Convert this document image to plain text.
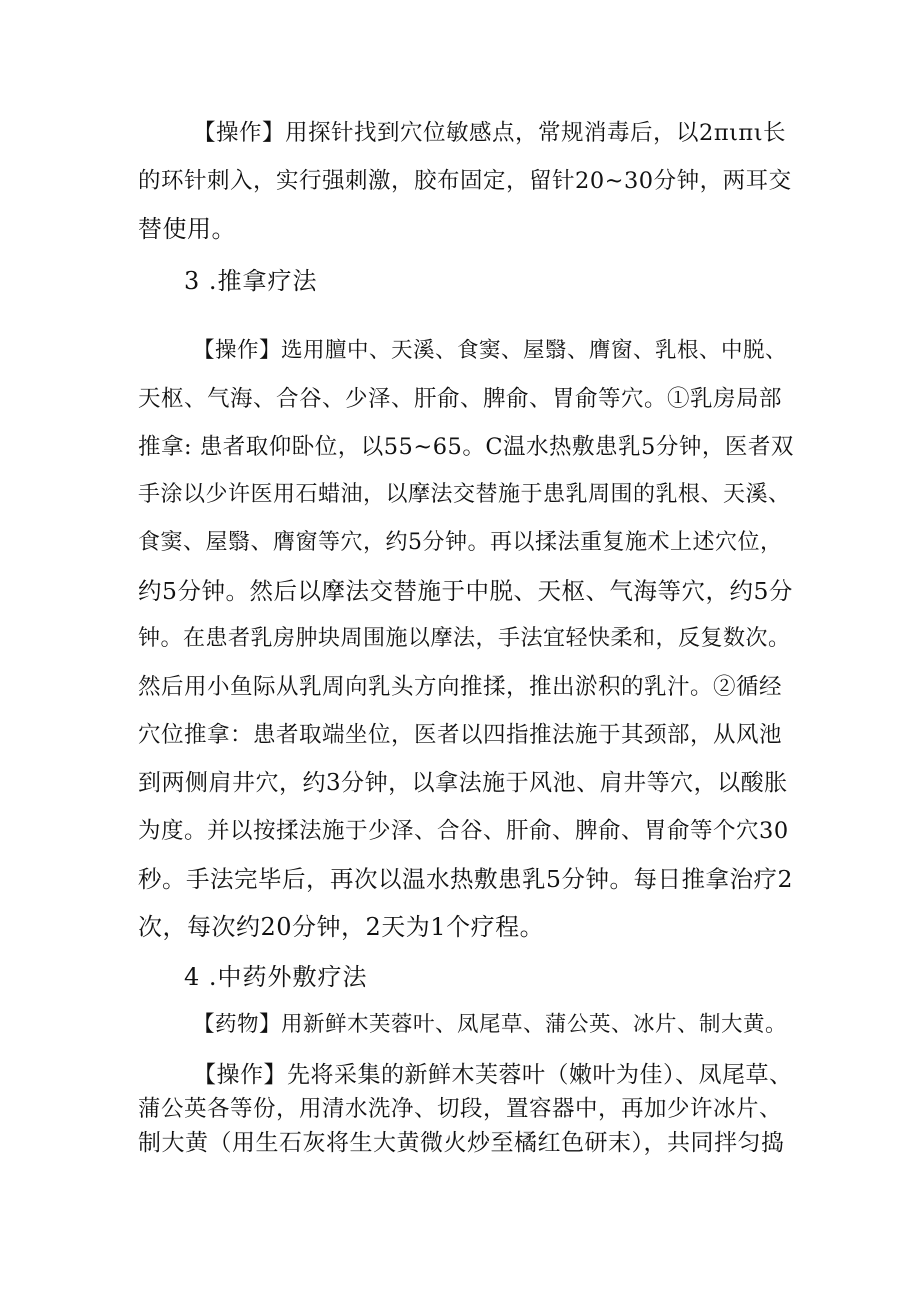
【操作】用探针找到穴位敏感点，常规消毒后，以2πιπι长
的环针刺入，实行强刺激，胶布固定，留针20~30分钟，两耳交
替使用。
3 .推拿疗法
【操作】选用膻中、天溪、食窦、屋翳、膺窗、乳根、中脱、
天枢、气海、合谷、少泽、肝俞、脾俞、胃俞等穴。①乳房局部
推拿: 患者取仰卧位，以55~65。C温水热敷患乳5分钟，医者双
手涂以少许医用石蜡油，以摩法交替施于患乳周围的乳根、天溪、
食窦、屋翳、膺窗等穴，约5分钟。再以揉法重复施术上述穴位，
约5分钟。然后以摩法交替施于中脱、天枢、气海等穴，约5分
钟。在患者乳房肿块周围施以摩法，手法宜轻快柔和，反复数次。
然后用小鱼际从乳周向乳头方向推揉，推出淤积的乳汁。②循经
穴位推拿：患者取端坐位，医者以四指推法施于其颈部，从风池
到两侧肩井穴，约3分钟，以拿法施于风池、肩井等穴，以酸胀
为度。并以按揉法施于少泽、合谷、肝俞、脾俞、胃俞等个穴30
秒。手法完毕后，再次以温水热敷患乳5分钟。每日推拿治疗2
次，每次约20分钟，2天为1个疗程。
4 .中药外敷疗法
【药物】用新鲜木芙蓉叶、凤尾草、蒲公英、冰片、制大黄。
【操作】先将采集的新鲜木芙蓉叶（嫩叶为佳）、凤尾草、
蒲公英各等份，用清水洗净、切段，置容器中，再加少许冰片、
制大黄（用生石灰将生大黄微火炒至橘红色研末），共同拌匀捣
